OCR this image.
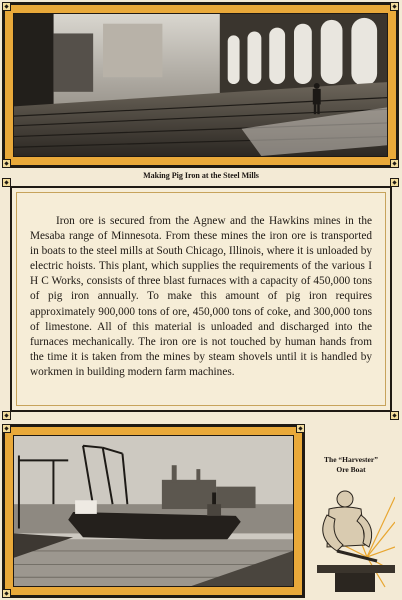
Making Pig Iron at the Steel Mills
Iron ore is secured from the Agnew and the Hawkins mines in the Mesaba range of Minnesota. From these mines the iron ore is transported in boats to the steel mills at South Chicago, Illinois, where it is unloaded by electric hoists. This plant, which supplies the requirements of the various I H C Works, consists of three blast furnaces with a capacity of 450,000 tons of pig iron annually. To make this amount of pig iron requires approximately 900,000 tons of ore, 450,000 tons of coke, and 300,000 tons of limestone. All of this material is unloaded and discharged into the furnaces mechanically. The iron ore is not touched by human hands from the time it is taken from the mines by steam shovels until it is handled by workmen in building modern farm machines.
The “Harvester”
Ore Boat
